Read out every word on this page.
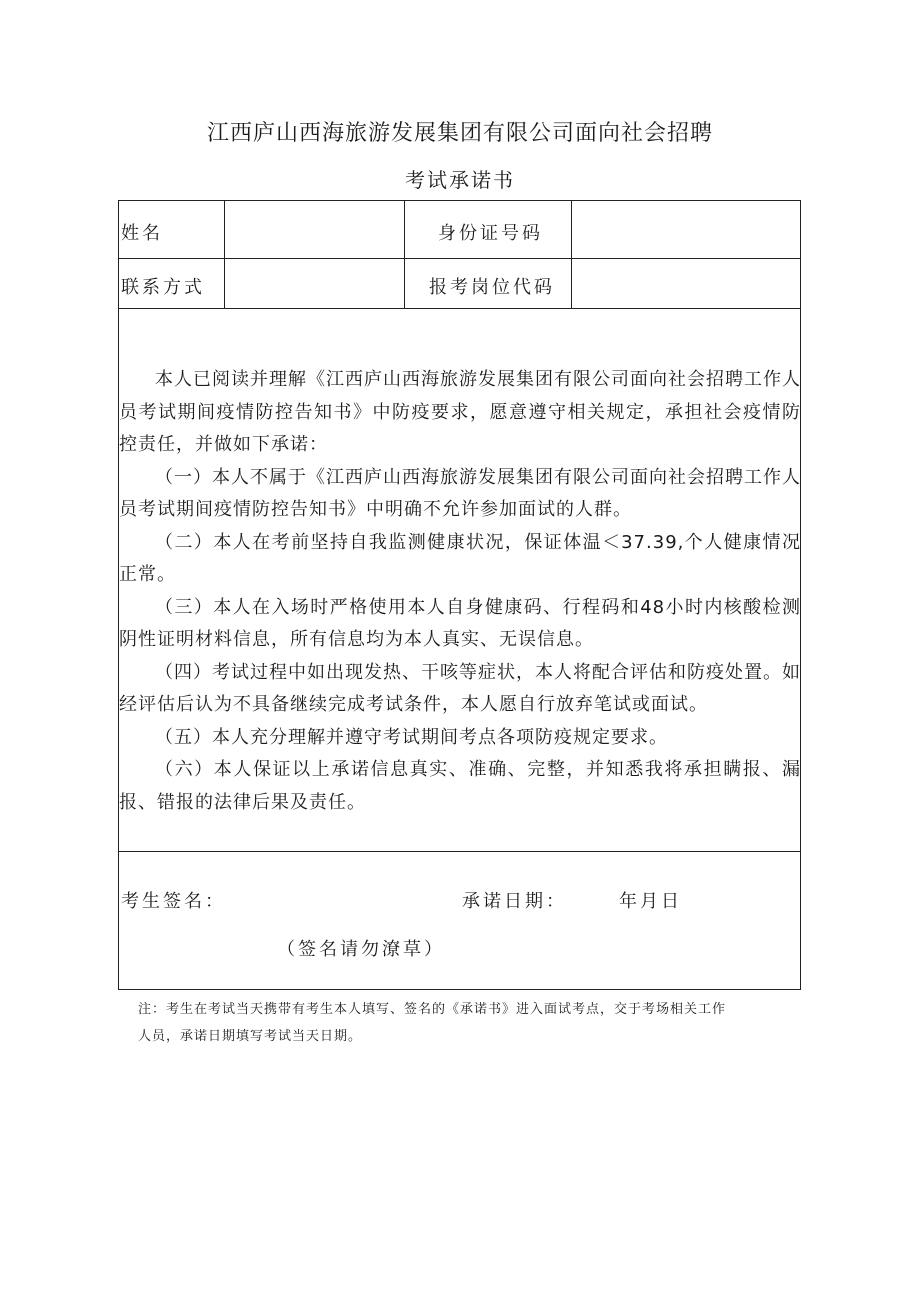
江西庐山西海旅游发展集团有限公司面向社会招聘
考试承诺书
姓名	身份证号码
联系方式	报考岗位代码

本人已阅读并理解《江西庐山西海旅游发展集团有限公司面向社会招聘工作人员考试期间疫情防控告知书》中防疫要求，愿意遵守相关规定，承担社会疫情防控责任，并做如下承诺：

（一）本人不属于《江西庐山西海旅游发展集团有限公司面向社会招聘工作人员考试期间疫情防控告知书》中明确不允许参加面试的人群。

（二）本人在考前坚持自我监测健康状况，保证体温＜37.39,个人健康情况正常。

（三）本人在入场时严格使用本人自身健康码、行程码和48小时内核酸检测阴性证明材料信息，所有信息均为本人真实、无误信息。

（四）考试过程中如出现发热、干咳等症状，本人将配合评估和防疫处置。如经评估后认为不具备继续完成考试条件，本人愿自行放弃笔试或面试。

（五）本人充分理解并遵守考试期间考点各项防疫规定要求。

（六）本人保证以上承诺信息真实、准确、完整，并知悉我将承担瞒报、漏报、错报的法律后果及责任。

考生签名：	承诺日期：	年月日
（签名请勿潦草）

注：考生在考试当天携带有考生本人填写、签名的《承诺书》进入面试考点，交于考场相关工作

人员，承诺日期填写考试当天日期。
